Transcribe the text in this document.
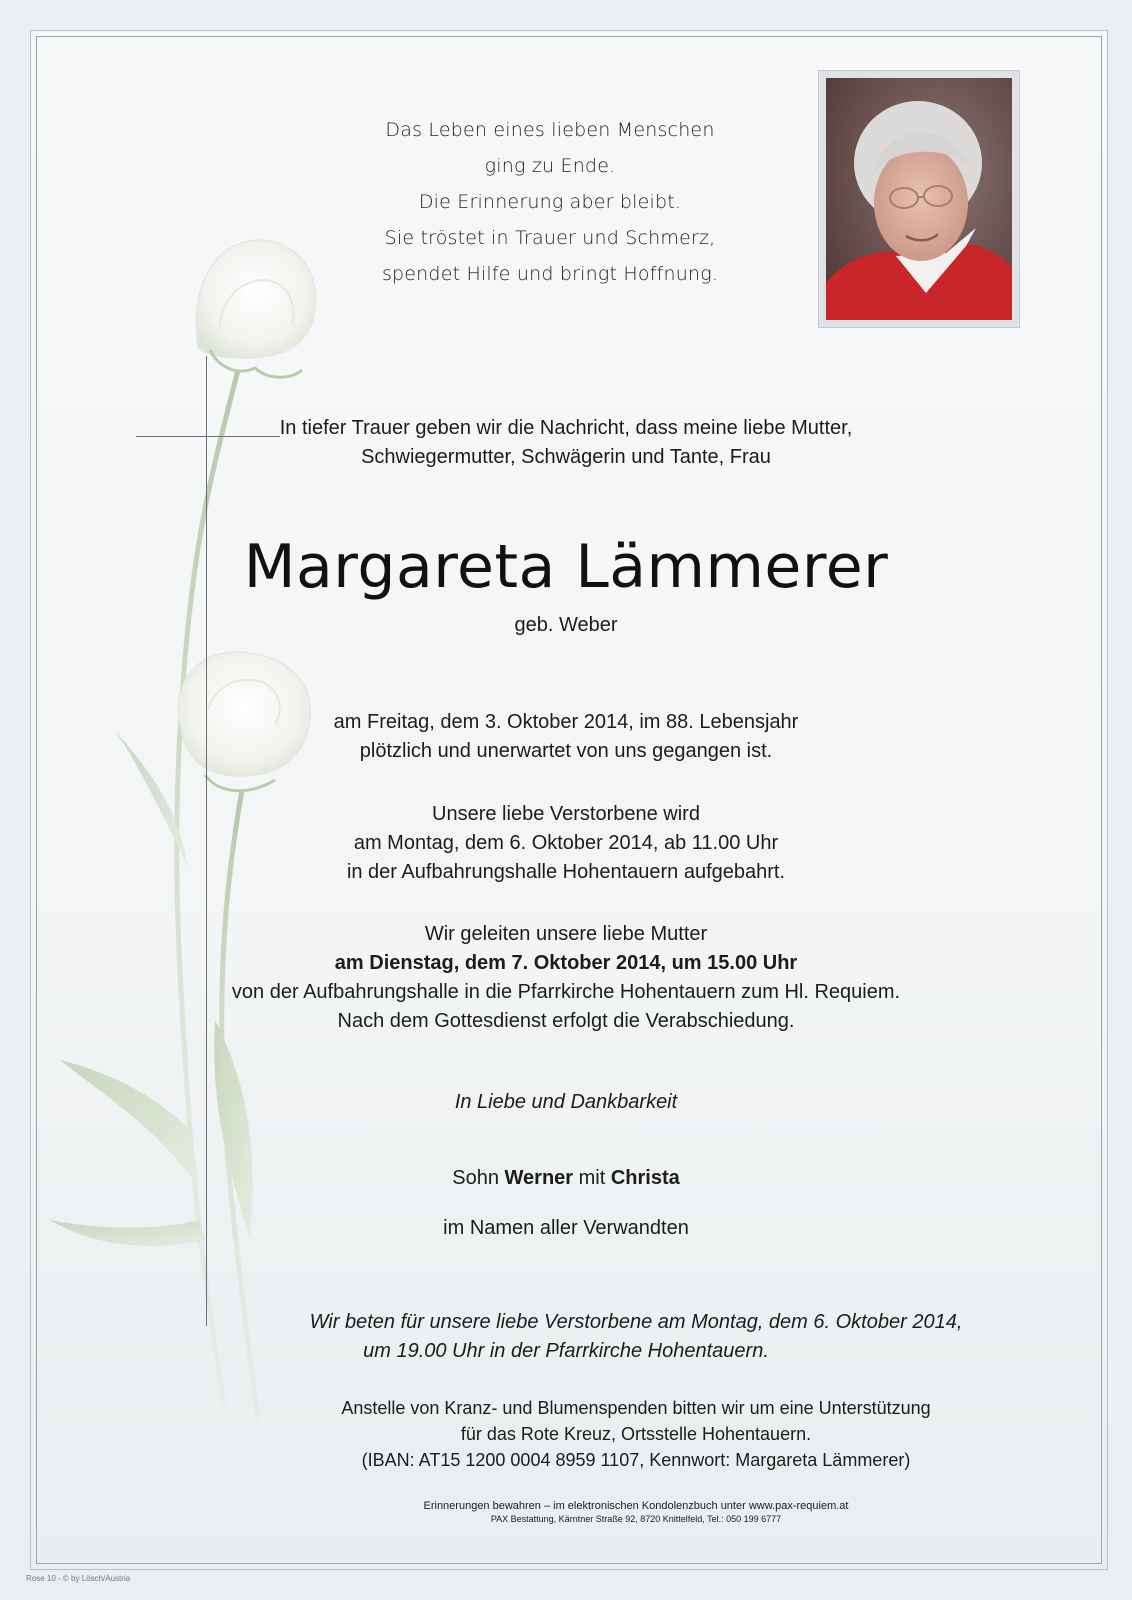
Das Leben eines lieben Menschen
ging zu Ende.
Die Erinnerung aber bleibt.
Sie tröstet in Trauer und Schmerz,
spendet Hilfe und bringt Hoffnung.
In tiefer Trauer geben wir die Nachricht, dass meine liebe Mutter,
Schwiegermutter, Schwägerin und Tante, Frau
Margareta Lämmerer
geb. Weber
am Freitag, dem 3. Oktober 2014, im 88. Lebensjahr
plötzlich und unerwartet von uns gegangen ist.
Unsere liebe Verstorbene wird
am Montag, dem 6. Oktober 2014, ab 11.00 Uhr
in der Aufbahrungshalle Hohentauern aufgebahrt.
Wir geleiten unsere liebe Mutter
am Dienstag, dem 7. Oktober 2014, um 15.00 Uhr
von der Aufbahrungshalle in die Pfarrkirche Hohentauern zum Hl. Requiem.
Nach dem Gottesdienst erfolgt die Verabschiedung.
In Liebe und Dankbarkeit
Sohn Werner mit Christa
im Namen aller Verwandten
Wir beten für unsere liebe Verstorbene am Montag, dem 6. Oktober 2014,
um 19.00 Uhr in der Pfarrkirche Hohentauern.
Anstelle von Kranz- und Blumenspenden bitten wir um eine Unterstützung
für das Rote Kreuz, Ortsstelle Hohentauern.
(IBAN: AT15 1200 0004 8959 1107, Kennwort: Margareta Lämmerer)
Erinnerungen bewahren – im elektronischen Kondolenzbuch unter www.pax-requiem.at
PAX Bestattung, Kärntner Straße 92, 8720 Knittelfeld, Tel.: 050 199 6777
Rose 10 - © by Lösch/Austria
